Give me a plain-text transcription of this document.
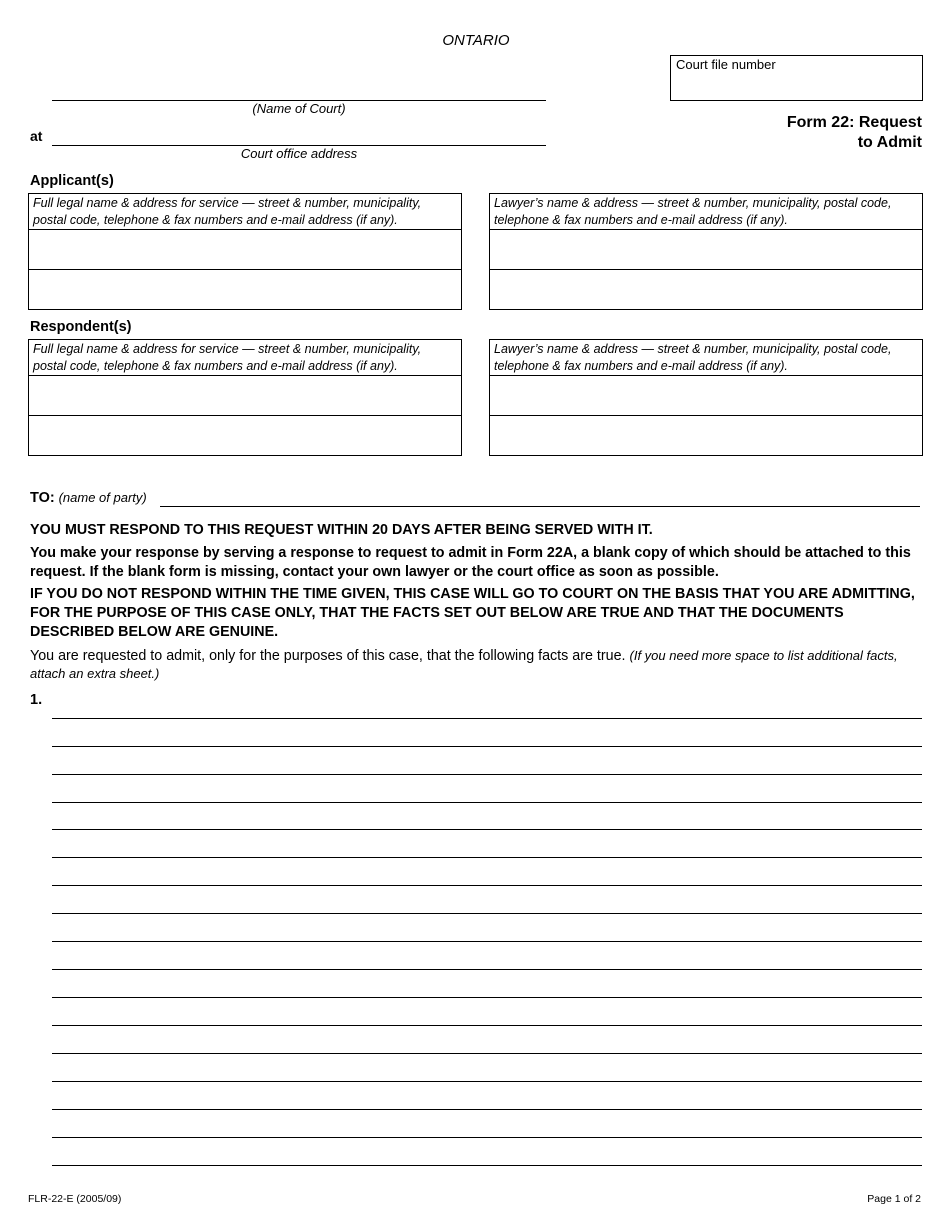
ONTARIO
Court file number
(Name of Court)
at
Court office address
Form 22: Request
to Admit
Applicant(s)
Full legal name & address for service — street & number, municipality, postal code, telephone & fax numbers and e-mail address (if any).
Lawyer’s name & address — street & number, municipality, postal code, telephone & fax numbers and e-mail address (if any).
Respondent(s)
Full legal name & address for service — street & number, municipality, postal code, telephone & fax numbers and e-mail address (if any).
Lawyer’s name & address — street & number, municipality, postal code, telephone & fax numbers and e-mail address (if any).
TO: (name of party)
YOU MUST RESPOND TO THIS REQUEST WITHIN 20 DAYS AFTER BEING SERVED WITH IT.
You make your response by serving a response to request to admit in Form 22A, a blank copy of which should be attached to this request. If the blank form is missing, contact your own lawyer or the court office as soon as possible.
IF YOU DO NOT RESPOND WITHIN THE TIME GIVEN, THIS CASE WILL GO TO COURT ON THE BASIS THAT YOU ARE ADMITTING, FOR THE PURPOSE OF THIS CASE ONLY, THAT THE FACTS SET OUT BELOW ARE TRUE AND THAT THE DOCUMENTS DESCRIBED BELOW ARE GENUINE.
You are requested to admit, only for the purposes of this case, that the following facts are true. (If you need more space to list additional facts, attach an extra sheet.)
1.
FLR-22-E (2005/09)	Page 1 of 2
